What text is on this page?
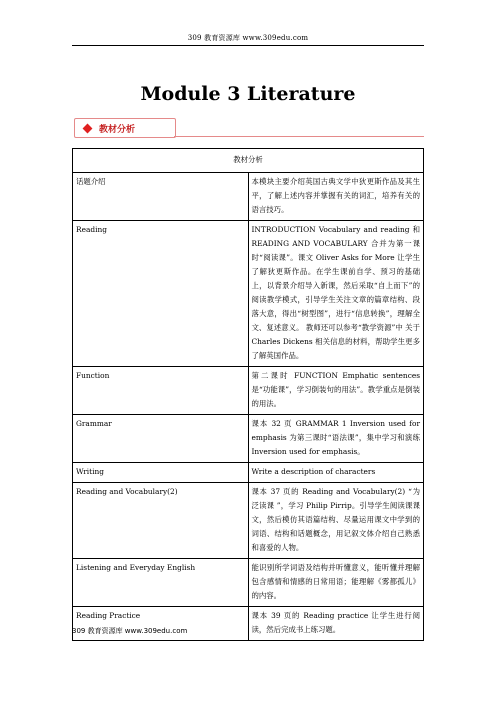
309 教育资源库 www.309edu.com
Module 3 Literature
教材分析
教材分析	
话题介绍	本模块主要介绍英国古典文学中狄更斯作品及其生平，了解上述内容并掌握有关的词汇，培养有关的语言技巧。
Reading	INTRODUCTION Vocabulary and reading 和 READING AND VOCABULARY 合并为第一课时“阅读课”。课文 Oliver Asks for More 让学生了解狄更斯作品。在学生课前自学、预习的基础上，以背景介绍导入新课，然后采取“自上而下”的阅读教学模式，引导学生关注文章的篇章结构、段落大意，得出“树型图”，进行“信息转换”，理解全文、复述意义。 教师还可以参考“教学资源”中 关于 Charles Dickens 相关信息的材料，帮助学生更多了解英国作品。
Function	第二课时 FUNCTION Emphatic sentences 是“功能课”，学习倒装句的用法”。教学重点是倒装的用法。
Grammar	课本 32 页 GRAMMAR 1 Inversion used for emphasis 为第三课时“语法课”，集中学习和演练 Inversion used for emphasis。
Writing	Write a description of characters
Reading and Vocabulary(2)	课本 37 页的 Reading and Vocabulary(2) “为泛读课 ”，学习 Philip Pirrip。引导学生阅读课课文，然后模仿其语篇结构、尽量运用课文中学到的词语、结构和话题概念，用记叙文体介绍自己熟悉和喜爱的人物。
Listening and Everyday English	能识别所学词语及结构并听懂意义，能听懂并理解包含感情和情感的日常用语；能理解《雾都孤儿》的内容。
Reading Practice	课本 39 页的 Reading practice 让学生进行阅读，然后完成书上练习题。
309 教育资源库 www.309edu.com
